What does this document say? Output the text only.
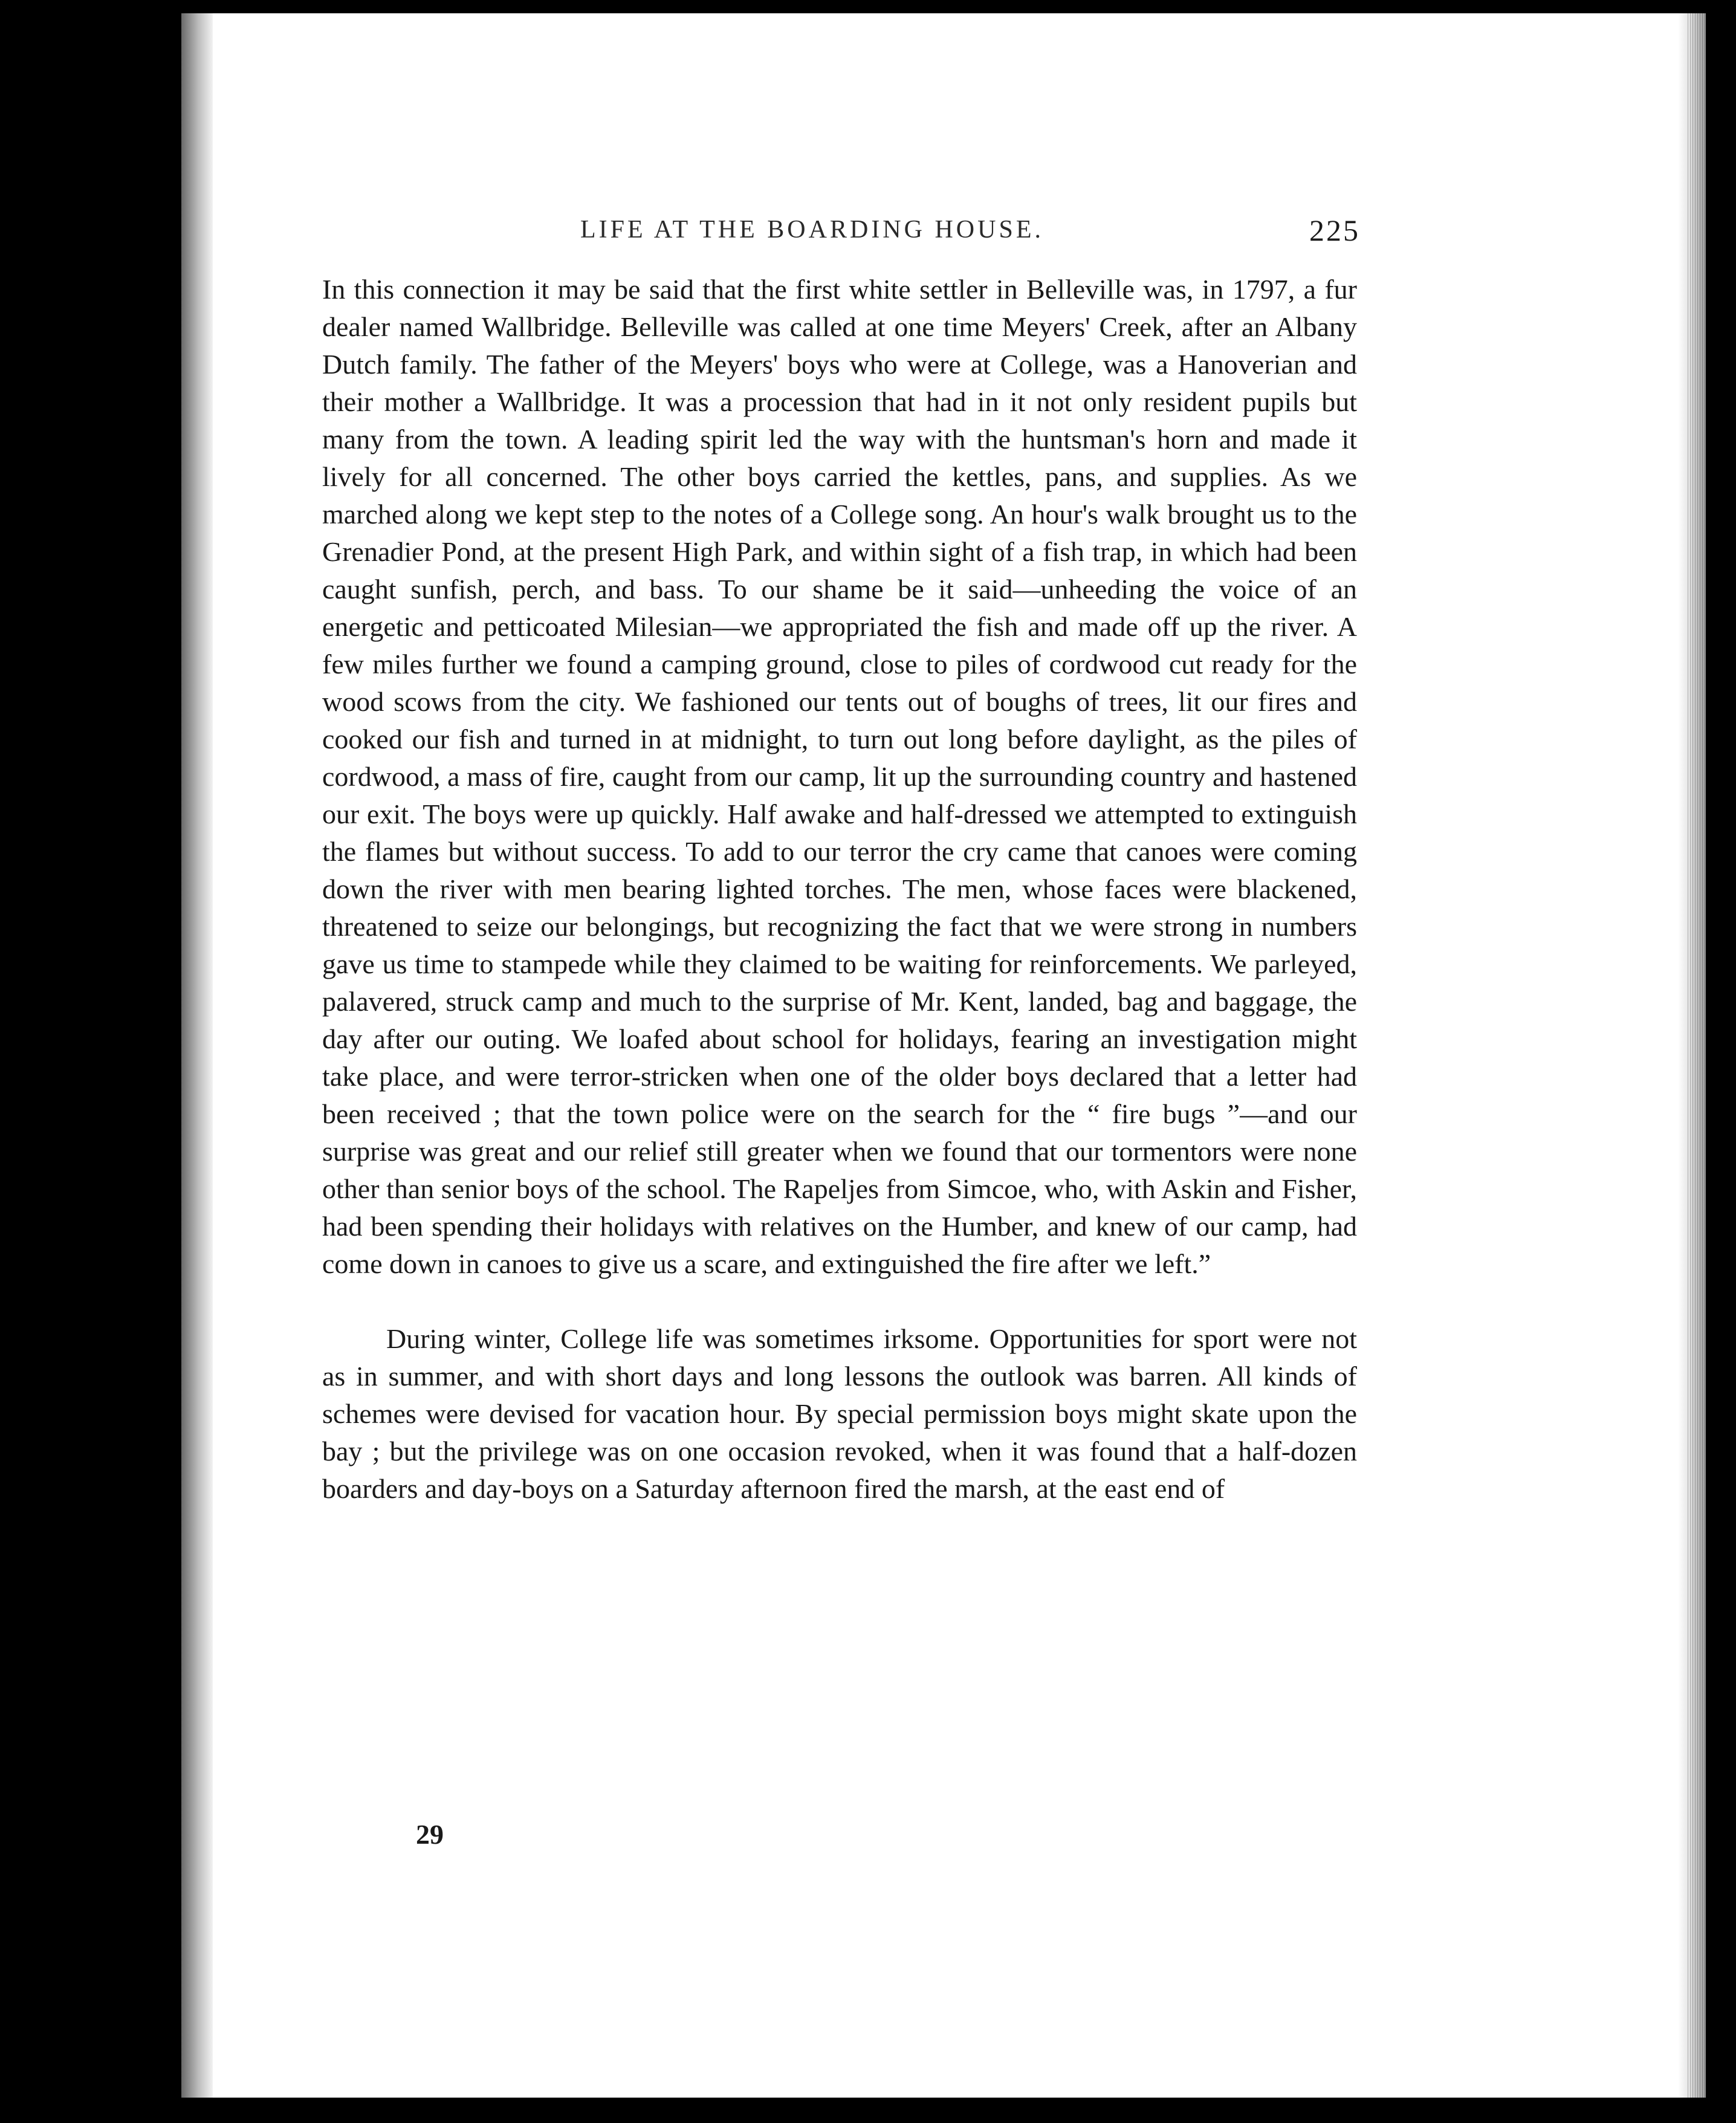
LIFE AT THE BOARDING HOUSE.	225

In this connection it may be said that the first white settler in Belleville was, in 1797, a fur dealer named Wallbridge. Belleville was called at one time Meyers' Creek, after an Albany Dutch family. The father of the Meyers' boys who were at College, was a Hanoverian and their mother a Wallbridge. It was a procession that had in it not only resident pupils but many from the town. A leading spirit led the way with the huntsman's horn and made it lively for all concerned. The other boys carried the kettles, pans, and supplies. As we marched along we kept step to the notes of a College song. An hour's walk brought us to the Grenadier Pond, at the present High Park, and within sight of a fish trap, in which had been caught sunfish, perch, and bass. To our shame be it said—unheeding the voice of an energetic and petticoated Milesian—we appropriated the fish and made off up the river. A few miles further we found a camping ground, close to piles of cordwood cut ready for the wood scows from the city. We fashioned our tents out of boughs of trees, lit our fires and cooked our fish and turned in at midnight, to turn out long before daylight, as the piles of cordwood, a mass of fire, caught from our camp, lit up the surrounding country and hastened our exit. The boys were up quickly. Half awake and half-dressed we attempted to extinguish the flames but without success. To add to our terror the cry came that canoes were coming down the river with men bearing lighted torches. The men, whose faces were blackened, threatened to seize our belongings, but recognizing the fact that we were strong in numbers gave us time to stampede while they claimed to be waiting for reinforcements. We parleyed, palavered, struck camp and much to the surprise of Mr. Kent, landed, bag and baggage, the day after our outing. We loafed about school for holidays, fearing an investigation might take place, and were terror-stricken when one of the older boys declared that a letter had been received ; that the town police were on the search for the “ fire bugs ”—and our surprise was great and our relief still greater when we found that our tormentors were none other than senior boys of the school. The Rapeljes from Simcoe, who, with Askin and Fisher, had been spending their holidays with relatives on the Humber, and knew of our camp, had come down in canoes to give us a scare, and extinguished the fire after we left.”

During winter, College life was sometimes irksome. Opportunities for sport were not as in summer, and with short days and long lessons the outlook was barren. All kinds of schemes were devised for vacation hour. By special permission boys might skate upon the bay ; but the privilege was on one occasion revoked, when it was found that a half-dozen boarders and day-boys on a Saturday afternoon fired the marsh, at the east end of

29
